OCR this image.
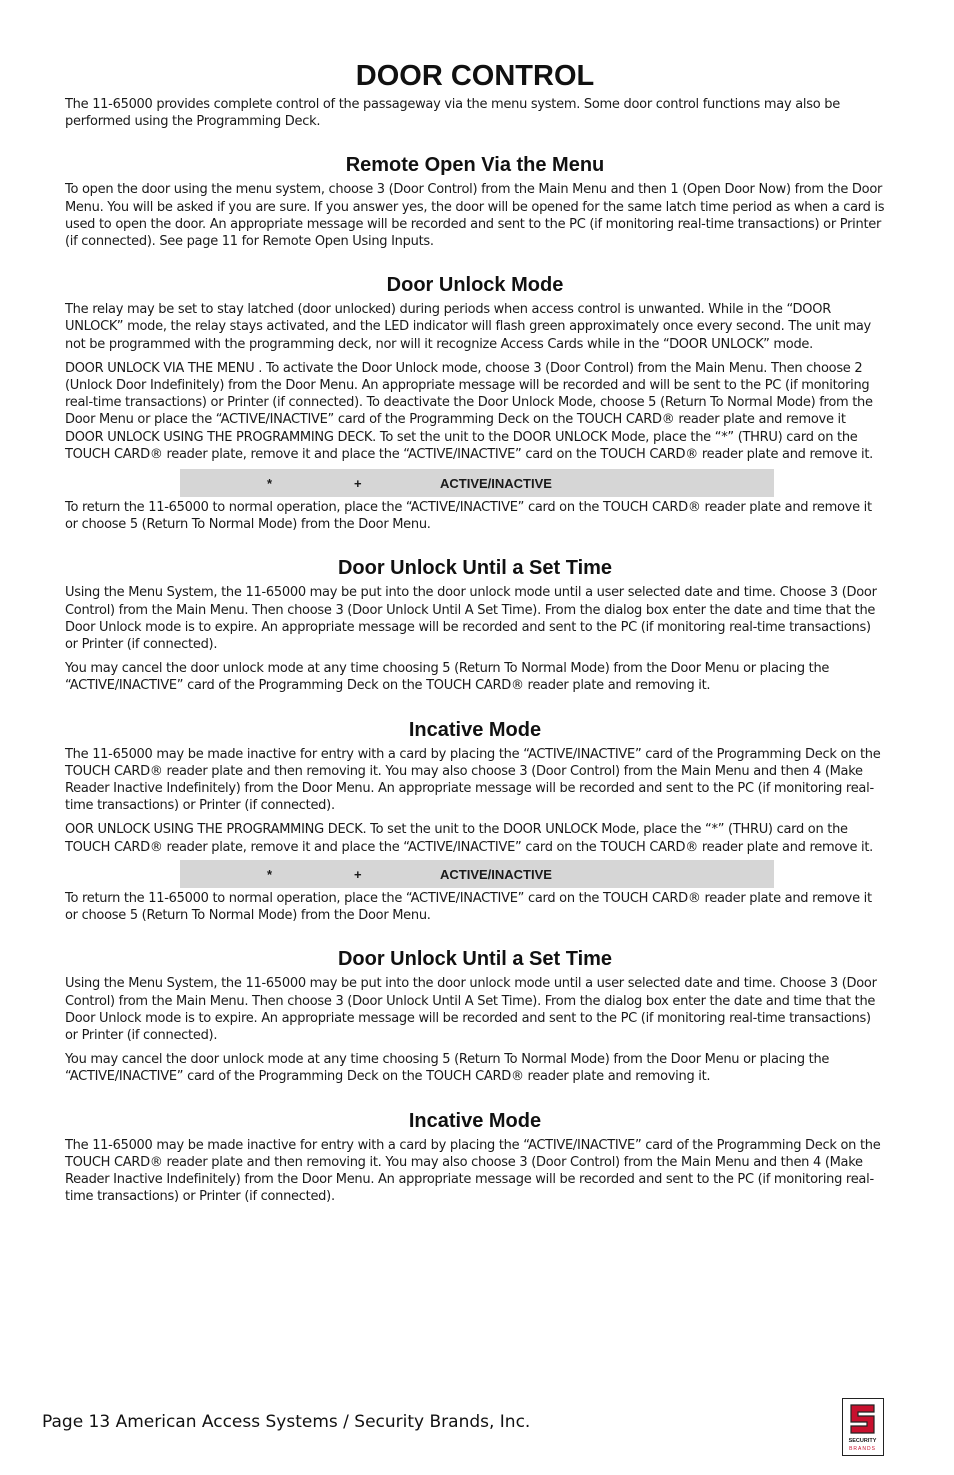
DOOR CONTROL

The 11-65000 provides complete control of the passageway via the menu system. Some door control functions may also be performed using the Programming Deck.

Remote Open Via the Menu

To open the door using the menu system, choose 3 (Door Control) from the Main Menu and then 1 (Open Door Now) from the Door Menu. You will be asked if you are sure. If you answer yes, the door will be opened for the same latch time period as when a card is used to open the door. An appropriate message will be recorded and sent to the PC (if monitoring real-time transactions) or Printer (if connected). See page 11 for Remote Open Using Inputs.

Door Unlock Mode

The relay may be set to stay latched (door unlocked) during periods when access control is unwanted. While in the “DOOR UNLOCK” mode, the relay stays activated, and the LED indicator will flash green approximately once every second. The unit may not be programmed with the programming deck, nor will it recognize Access Cards while in the “DOOR UNLOCK” mode.

DOOR UNLOCK VIA THE MENU . To activate the Door Unlock mode, choose 3 (Door Control) from the Main Menu. Then choose 2 (Unlock Door Indefinitely) from the Door Menu. An appropriate message will be recorded and will be sent to the PC (if monitoring real-time transactions) or Printer (if connected). To deactivate the Door Unlock Mode, choose 5 (Return To Normal Mode) from the Door Menu or place the “ACTIVE/INACTIVE” card of the Programming Deck on the TOUCH CARD® reader plate and remove it DOOR UNLOCK USING THE PROGRAMMING DECK. To set the unit to the DOOR UNLOCK Mode, place the “*” (THRU) card on the TOUCH CARD® reader plate, remove it and place the “ACTIVE/INACTIVE” card on the TOUCH CARD® reader plate and remove it.

*	+	ACTIVE/INACTIVE

To return the 11-65000 to normal operation, place the “ACTIVE/INACTIVE” card on the TOUCH CARD® reader plate and remove it or choose 5 (Return To Normal Mode) from the Door Menu.

Door Unlock Until a Set Time

Using the Menu System, the 11-65000 may be put into the door unlock mode until a user selected date and time. Choose 3 (Door Control) from the Main Menu. Then choose 3 (Door Unlock Until A Set Time). From the dialog box enter the date and time that the Door Unlock mode is to expire. An appropriate message will be recorded and sent to the PC (if monitoring real-time transactions) or Printer (if connected).

You may cancel the door unlock mode at any time choosing 5 (Return To Normal Mode) from the Door Menu or placing the “ACTIVE/INACTIVE” card of the Programming Deck on the TOUCH CARD® reader plate and removing it.

Incative Mode

The 11-65000 may be made inactive for entry with a card by placing the “ACTIVE/INACTIVE” card of the Programming Deck on the TOUCH CARD® reader plate and then removing it. You may also choose 3 (Door Control) from the Main Menu and then 4 (Make Reader Inactive Indefinitely) from the Door Menu. An appropriate message will be recorded and sent to the PC (if monitoring real-time transactions) or Printer (if connected).

OOR UNLOCK USING THE PROGRAMMING DECK. To set the unit to the DOOR UNLOCK Mode, place the “*” (THRU) card on the TOUCH CARD® reader plate, remove it and place the “ACTIVE/INACTIVE” card on the TOUCH CARD® reader plate and remove it.

*	+	ACTIVE/INACTIVE

To return the 11-65000 to normal operation, place the “ACTIVE/INACTIVE” card on the TOUCH CARD® reader plate and remove it or choose 5 (Return To Normal Mode) from the Door Menu.

Door Unlock Until a Set Time

Using the Menu System, the 11-65000 may be put into the door unlock mode until a user selected date and time. Choose 3 (Door Control) from the Main Menu. Then choose 3 (Door Unlock Until A Set Time). From the dialog box enter the date and time that the Door Unlock mode is to expire. An appropriate message will be recorded and sent to the PC (if monitoring real-time transactions) or Printer (if connected).

You may cancel the door unlock mode at any time choosing 5 (Return To Normal Mode) from the Door Menu or placing the “ACTIVE/INACTIVE” card of the Programming Deck on the TOUCH CARD® reader plate and removing it.

Incative Mode

The 11-65000 may be made inactive for entry with a card by placing the “ACTIVE/INACTIVE” card of the Programming Deck on the TOUCH CARD® reader plate and then removing it. You may also choose 3 (Door Control) from the Main Menu and then 4 (Make Reader Inactive Indefinitely) from the Door Menu. An appropriate message will be recorded and sent to the PC (if monitoring real-time transactions) or Printer (if connected).

Page 13 American Access Systems / Security Brands, Inc.
SECURITY
BRANDS
